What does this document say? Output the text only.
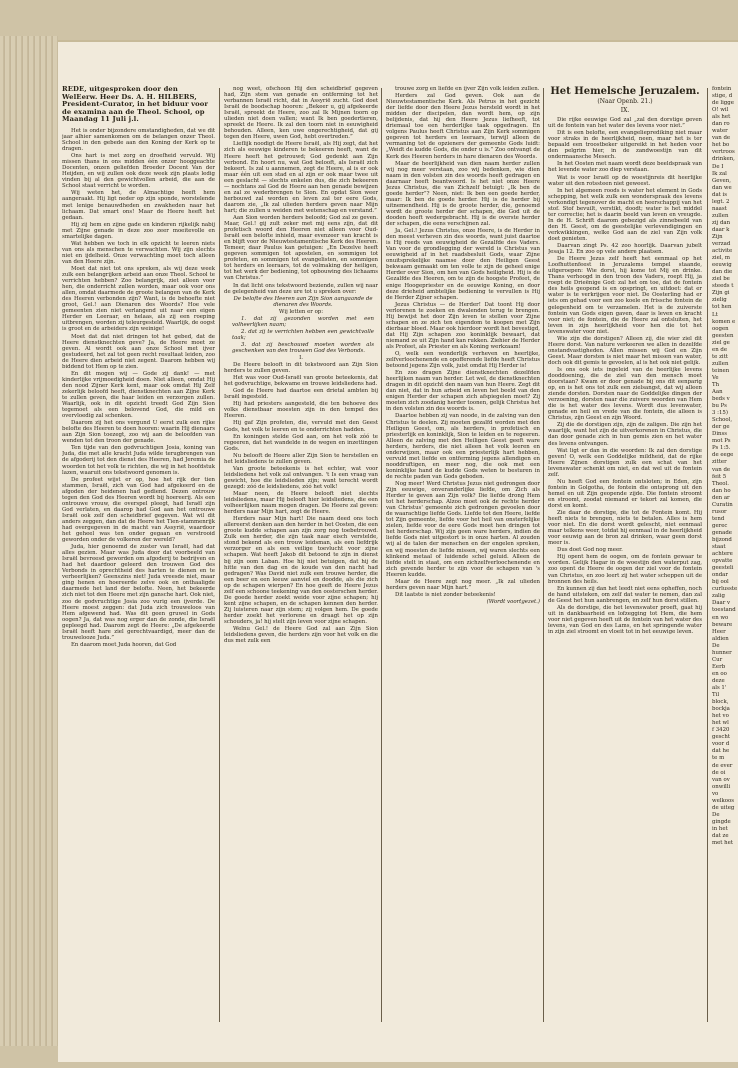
REDE, uitgesproken door den WelEerw. Heer Ds. A. H. HILBERS, President-Curator, in het biduur voor de examina aan de Theol. School, op Maandag 11 Juli j.l.

Het is onder bijzondere omstandigheden, dat we dit jaar alhier samenkomen om de belangen onzer Theol. School in den gebede aan den Koning der Kerk op te dragen.

Ons hart is met zorg en droefheid vervuld. Wij missen thans in ons midden één onzer hooggeachte Docenten, onzen geliefden Broeder Docent Van der Heijden, en wij zullen ook deze week zijn plaats ledig vinden bij al den gewichtvollen arbeid, die aan de School staat verricht te worden.

Wij weten het, de Almachtige heeft hem aangeraakt. Hij ligt neder op zijn sponde, worstelende met lenige benauwdheden en zwakheden naar het lichaam. Dat smart ons! Maar de Heere heeft het gedaan.

Hij zij hem en zijne gade en kinderen rijkelijk nabij met Zijne genade in deze zoo zeer moeitevolle en smartelijke dagen.

Wat hebben we toch in elk opzicht te leeren niets van ons als menschen te verwachten. Wij zijn slechts niet en ijdelheid. Onze verwachting moet toch alleen van den Heere zijn.

Moet dat niet tot ons spreken, als wij deze week zulk een belangrijken arbeid aan onze Theol. School te verrichten hebben? Zoo belangrijk, ziet alleen voor hen, die onderricht zullen worden, maar ook voor ons allen, omdat daarmede de groote belangen van de Kerk des Heeren verbonden zijn? Want, is de behoefte niet groot, Gel.! aan Dienaren des Woords? Hoe vele gemeenten zien niet verlangend uit naar een eigen Herder en Leeraar, en helaas, als zij een roeping uitbrengen, worden zij teleurgesteld. Waarlijk, de oogst is groot en de arbeiders zijn weinige!

Moet dat dat niet dringen tot het gebed, dat de Heere dienstknechten geve? Ja, de Heere moet ze geven. Al wordt ook aan onze School met ijver gestudeerd, het zal tot geen recht resultaat leiden, zoo de Heere dien arbeid niet zegent. Daarom hebben wij biddend tot Hem op te zien.

En dit mogen wij — Gode zij dank! — met kinderlijke vrijmoedigheid doen. Niet alleen, omdat Hij den nood Zijner Kerk kent, maar ook omdat Hij Zelf zekerlijk beloofd heeft, dienstknechten aan Zijne Kerk te zullen geven, die haar leiden en verzorgen zullen. Waarlijk, ook in dit opzicht treedt God Zijn Sion tegemoet als een belovend God, die mild en overvloedig zal schenken.

Daarom zij het ons vergund U eerst zulk een rijke belofte des Heeren te doen hooren: waarin Hij dienaars aan Zijn Sion toezegt, zoo wij aan de beloofden van wenden tot den troon der genade.

Ten tijde van den godvruchtigen Josia, koning van Juda, die met alle kracht Juda wilde terugbrengen van de afgoderij tot den dienst des Heeren, had Jeremia de woorden tot het volk te richten, die wij in het hoofdstuk lazen, waaruit ons tekstwoord genomen is.

De profeet wijst er op, hoe het rijk der tien stammen, Israël, zich van God had afgekeerd en de afgoden der heidenen had gediend. Dezen ontrouw tegen den God des Heeren wordt bij hoereerij. Als een ontrouwe vrouw, die overspel pleegt, had Israël zijn God verlaten, en daarop had God aan het ontrouwe Israël ook zelf den scheidbrief gegeven. Wat wil dit anders zeggen, dan dat de Heere het Tien-stammenrijk had overgegeven in de macht van Assyrië, waardoor het geheel was ten onder gegaan en verstrooid geworden onder de volkeren der wereld?

Juda, hier genoemd de zuster van Israël, had dat alles gezien. Maar was Juda door dat voorbeeld van Israël bevreesd geworden om afgoderij te bedrijven en had het daardoor geleerd den trouwen God des Verbonds in oprechtheid des harten te dienen en te verheerlijken? Geenszins niet! Juda vreesde niet, maar ging henen en hoereerde zelve ook en onthaaligde daarmede het land der belofte. Neen, het bekeerde zich niet tot den Heere met zijn gansche hart. Ook niet, zoo de godvruchtige Josia zoo vurig een ijverde. De Heere moest zeggen: dat Juda zich trouweloos van Hem afgewend had. Was dit geen gruwel in Gods oogen? Ja, dat was nog erger dan de zonde, die Israël gepleegd had. Daarom zegt de Heere: „De afgekeerde Israël heeft hare ziel gerechtvaardigd, meer dan de trouwelooze Juda.”

En daarom moet Juda hooren, dat God

nog weet, ofschoon Hij den scheidbrief gegeven had, Zijn stem van genade en ontferming tot het verbannen Israël richt, dat in Assyrië zucht. God doet Israël de boodschap hooren: „Bekeer u, gij afgekeerde Israël, spreekt de Heere, zoo zal Ik Mijnen toorn op ulieden niet doen vallen; want Ik ben goedertieren, spreekt de Heere. Ik zal den toorn niet in eeuwigheid behouden. Alleen, ken uwe ongerechtigheid, dat gij tegen den Heere, uwen God, hebt overtreden.”

Lieflijk noodigt de Heere Israël, als Hij zegt, dat het zich als eeuwige kinderen te bekeeren heeft, want de Heere heeft het getrouwd; God gedenkt aan Zijn verbond. En hoort nu, wat God belooft, als Israël zich bekeert. Is zal u aannemen, zegt de Heere, al is er ook maar één uit een stad en al zijn er ook maar twee uit een geslacht — slechts enkelen dus, die zich bekeeren — nochtans zal God de Heere aan hen genade bewijzen en zal ze wederbrengen te Sion. En opdat Sion weer herbouwd zal worden en leven zal ter eere Gods, daarom zie, „Ik zal ulieden herders geven naar Mijn hart; die zullen u weiden met wetenschap en verstand.”

Aan Sion worden herders beloofd; God zal ze geven. Maar, Gel.! gij zult zeker met mij eens zijn, dat dit profetisch woord den Heeren niet alleen voor Oud-Israël een belofte inhield, maar evenzeer van kracht is en blijft voor de Nieuwtestamentische Kerk des Heeren. Temeer, daar Paulus kan getuigen: „En Dezelve heeft gegeven sommigen tot apostelen, en sommigen tot profeten, en sommigen tot evangelisten, en sommigen tot herders en leeraars, tot de volmaking der heiligen, tot het werk der bediening, tot opbouwing des lichaams van Christus.”

In dat licht ons tekstwoord beziende, zullen wij naar de gelegenheid van deze ure tot u spreken over:

De belofte des Heeren aan Zijn Sion aangaande de dienaren des Woords.

Wij letten er op:

1. dat zij gezonden worden met een volheerlijken naam;

2. dat zij te verrichten hebben een gewichtvolle taak;

3. dat zij beschouwd moeten worden als geschenken van den trouwen God des Verbonds.

I.

De Heere belooft in dit tekstwoord aan Zijn Sion herders te zullen geven.

Het was voor Oud-Israël van groote beteekenis, dat het godvruchtige, bekwame en trouwe leidsliedens had.

God de Heere had daartoe een drietal ambten bij Israël ingesteld.

Hij had priesters aangesteld, die ten behoeve des volks dienstbaar moesten zijn in den tempel des Heeren.

Hij gaf Zijn profeten, die, vervuld met den Geest Gods, het volk te leeren en te onderrichten hadden.

En koningen stelde God aan, om het volk zóó te regeeren, dat het wandelde in de wegen en inzettingen Gods.

Nu belooft de Heere aller Zijn Sion te herstellen en het leidsliedens te zullen geven.

Van groote beteekenis is het echter, wat voor leidsliedens het volk zal ontvangen. 't Is een vraag van gewicht, hoe die leidslieden zijn; want terecht wordt gezegd: zóó de leidsliedens, zóó het volk!

Maar neen, de Heere belooft niet slechts leidsliedens, maar Hij belooft hier leidsliedens, die een volheerlijken naam mogen dragen. De Heere zal geven: herders naar Mijn hart, zegt de Heere.

Herders naar Mijn hart! Die naam deed ons toch allereerst denken aan den herder in het Oosten, die een groote kudde schapen aan zijn zorg nog toebetrouwd. Zulk een herder, die zijn taak naar eisch verstelde, stond bekend als een trouw leidsman, als een liefdrijk verzorger en als een veilige toevlucht voor zijne schapen. Wat heeft Jakob dit betoond te zijn in dienst bij zijn oom Laban. Hoe hij niet betuigen, dat hij de hitte van den dag en de koude van den nacht had gedragen? Was David niet zulk een trouwe herder, die een beer en een leeuw aanviel en doodde, als die zich op de schapen wierpen? En hoe geeft de Heere Jezus zelf een schoone teekening van den oosterschen herder. De goede herder zoekt weide voor zijne schapen; hij kent zijne schapen, en de schapen kennen den herder. Zij luisteren naar zijn stem; zij volgen hem. De goede herder zoekt het verlorene en draagt het op zijn schouders, ja! hij stelt zijn leven voor zijne schapen.

Welnu Gel.! de Heere God zal aan Zijn Sion leidsliedens geven, die herders zijn voor het volk en die dus met zulk een

trouwe zorg en liefde en ijver Zijn volk leiden zullen.

Herders zal God geven. Ook aan de Nieuwtestamentische Kerk. Als Petrus in het gezicht der liefde door den Heere Jezus hersteld wordt in het midden der discipelen, dan wordt hem, op zijn belijdenis, dat hij den Heere Jezus liefheeft, tot driemaal toe een herderlijke taak opgedragen. En volgens Paulus heeft Christus aan Zijn Kerk sommigen gegeven tot herders en leeraars, terwijl alleen de vermaning tot de opzieners der gemeente Gods luidt: „Weidt de kudde Gods, die onder u is.” Zoo ontvangt de Kerk des Heeren herders in hare dienaren des Woords.

Maar de heerlijkheid van dien naam herder zullen wij nog meer verstaan, zoo wij bedenken, wie dien naam in den volsten zin des woords heeft gedragen en daarnaar heeft beantwoord. Is het niet onze Heere Jezus Christus, die van Zichzelf betuigt: „Ik ben de goede herder”? Neen, niet: Ik ben een goede herder, maar: Ik ben de goede herder. Hij is de herder bij uitnemendheid. Hij is de groote herder, die, genoemd wordt de groote herder der schapen, die God uit de dooden heeft wedergebracht. Hij is de overste herder der schapen, die eens verschijnen zal.

Ja, Gel.! Jezus Christus, onze Heere, is de Herder in den meest verheven zin des woords, want juist daartoe is Hij reeds van eeuwigheid de Gezalfde des Vaders. Van voor de grondlegging der wereld is Christus van eeuwigheid af in het raadsbesluit Gods, waar Zijne onuitsprekelijke naamse door den Heiligen Geest bekwaam gemaakt om ten volle te zijn de geheel enige Herder over Sion, om hen van Gods heiligheid. Hij is de Gezalfde des Heeren, om te zijn de hoogste Profeet, de enige Hoogepriester en de eeuwige Koning, en door deze drieheid ambtelijke bediening te vervullen is Hij de Herder Zijner schapen.

Jezus Christus — de Herder! Dat toont Hij door verlorenen te zoeken en dwalenden terug te brengen. Hij bewijst het door Zijn leven te stellen voor Zijne schapen en ze zich ten eigendom te koopen met Zijn dierbaar bloed. Maar ook hierdoor wordt het bevestigd, dat Hij Zijn schapen zoo koninklijk bewaart, dat niemand ze uit Zijn hand kan rukken. Ziehier de Herder als Profeet, als Priester en als Koning werkzaam!

O, welk een wonderlijk verheven en heerlijke, zelfverloochenende en opofferende liefde heeft Christus betoond jegens Zijn volk, juist omdat Hij Herder is!

En zoo dragen Zijne dienstknechten dezelfden heerlijken naam van herder. Let wel, de dienstknechten dragen in dit opzicht den naam van hun Heere. Zegt dit dan niet, dat in hun arbeid en leven het beeld van den enigen Herder der schapen zich afspiegelen moet? Zij moeten zich zoodanig herder toonen, gelijk Christus het in den volsten zin des woords is.

Daartoe hebben zij van noode, in de zalving van den Christus te deelen. Zij moeten gezalfd worden met den Heiligen Geest, om, als herders, in profetisch en priesterlijk en koninklijk, Sion te leiden en te regeeren. Alleen de zalving met den Heiligen Geest geeft ware herders, herders, die niet alleen het volk leeren en onderwijzen, maar ook een priesterlijk hart hebben, vervuld met liefde en ontferming jegens allendigen en nooddruftigen, en meer nog, die ook met een koninklijke hand de kudde Gods weten te besturen in de rechte paden van Gods geboden.

Nog meer! Werd Christus Jezus niet gedrongen door Zijn eeuwige, onveranderlijke liefde, om Zich als Herder te geven aan Zijn volk? Die liefde drong Hem tot het herderschap. Alzoo moet ook de rechte herder van Christus' gemeente zich gedrongen gevoelen door de waarachtige liefde Gods. Liefde tot den Heere, liefde tot Zijn gemeente, liefde voor het heil van onsterfelijke zielen, liefde voor de eere Gods moet hen dringen tot het herderschap. Wij zijn geen ware herders, indien de liefde Gods niet uitgestort is in onze harten. Al zouden wij al de talen der menschen en der engelen spreken, en wij moesten de liefde missen, wij waren slechts een klinkend metaal of luidende schel geluid. Alleen de liefde stelt in staat, om een zichzelfverloochenende en zich gevende herder te zijn voor de schapen van 's Heeren kudde.

Maar de Heere zegt nog meer. „Ik zal ulieden herders geven naar Mijn hart.”

Dit laatste is niet zonder beteekenis!

(Wordt voortgezet.)

Het Hemelsche Jeruzalem.
(Naar Openb. 21.)
IX.

Die rijke eeuwige God zal „zal den dorstige geven uit de fontein van het water des levens voor niet.”

Dit is een belofte, een evangelieprediking niet maar voor straks in de heerlijkheid, neen, maar het is ter bepaald een troostbeker uitgereikt in het heden voor den pelgrim hier, in de zandwoestijn van dit ondermaansche Mesech.

In het Oosten met naam wordt deze beeldspraak van het levende water zoo diep verstaan.

Wat is voor Israël op de woestijnreis dit heerlijke water uit den rotssteen niet geweest.

In het algemeen roods is water het element in Gods schepping, het welk zulk een wonderspraak des levens verkondigt tegenover de macht en heerschappij van het stof. Stof bevuilt, verstikt, doodt; water is het middel ter correctie; het is daarin beeld van leven en vreugde. In de H. Schrift daarom gebezigd als zinnebeeld van den H. Geest, om de geestelijke verlevendigingen en verkwikkingen, welke God aan de ziel van Zijn volk doet genieten.

Daarvan zingt Ps. 42 zoo hoorlijk. Daarvan jubelt Jesaja 12. En zoo op vele andere plaatsen.

De Heere Jezus zelf heeft het eenmaal op het Loofhuttenfeest in Jeruzalems tempel staande, uitgeroepen: Wie dorst, hij kome tot Mij en drinke. Thans verhoogd in den troon des Vaders, roept Hij, ja roept de Drieënige God: zal het om toe, dat de fontein des heils geopend is en opspringt, en uitdoet: dat er water is te verkrijgen voor niet. De Oosterling had er iets om gehad voor een zoo koele en frissche fontein de gelegenheid om te verzamelen. Het is de zuiverste fontein van Gods eigen gaven, daar is leven en kracht voor niet; de fontein, die de Heere zal ontsluiten, het leven in zijn heerlijkheid voor hen die tot het levenswater voor niet.

Wie zijn die dorstigen? Alleen zij, die wier ziel dit Heere dorst. Van nature verkeeren we allen in dezelfde onstandvastigheden. Allen missen wij God en Zijn Geest. Maar dorsten is niet maar het missen van water, doch ook dit gemis te gevoelen, al is het ook niet gelijk.

Is ons ook iets ingeleid van de heerlijke levens dooddoening, die de ziel van den mensch moet doorstaan? Kwam er door genade bij ons dit eenparig op, en is het ons tot zulk een zielsangst, dat wij alleen ziende dorsten. Dorsten naar de Goddelijke dingen der verzoening, dorsten naar die zuivere woorden van Hem die is het water des levens. Wordt dus levenwater, genade en heil en vrede van die fontein, die alleen is Christus, zijn Geest en zijn Woord.

Zij die de dorstigen zijn, zijn de zaligen. Die zijn het waarlijk, want het zijn de uitverkorenen in Christus, die dan door genade zich in hun gemis zien en het water des levens ontvangen.

Wat ligt er dan in die woorden: Ik zal den dorstige geven! O, welk een Goddelijke mildheid, dat de rijke Heere Zijnen dorstigen zulk een schat van het levenswater schenkt om niet, en dat wel uit de fontein zelf.

Nu heeft God een fontein ontsloten; in Eden, zijn fontein in Golgotha, de fontein die ontsprong uit den hemel en uit Zijn geopende zijde. Die fontein stroomt en stroomt, zoodat niemand er tekort zal komen, die dorst en komt.

Zie daar de dorstige, die tot de Fontein komt. Hij heeft niets te brengen, niets te betalen. Alles is hem voor niet. En die dorst wordt gelescht, niet eenmaal maar telkens weer, totdat hij eenmaal in de heerlijkheid voor eeuwig aan de bron zal drinken, waar geen dorst meer is.

Dus doet God nog meer.

Hij opent hem de oogen, om de fontein gewaar te worden. Gelijk Hagar in de woestijn den waterput zag, zoo opent de Heere de oogen der ziel voor de fontein van Christus, en zoo leert zij het water scheppen uit de bronnen des heils.

En kunnen zij dan het leedt niet eens opheffen, noch de hand uitsteken, om zelf dat water te nemen, dan zal de Geest het hun aanbrengen, en zelf hun dorst stillen.

Als de dorstige, die het levenswater proeft, gaat hij uit in dankbaarheid en lofzegging tot Hem, die hem voor niet gegeven heeft uit de fontein van het water des levens, van God en des Lams, en het springende water in zijn ziel stroomt en vloeit tot in het eeuwige leven.

fontein

stige, d

de ligge

O! wil

als het

dan ro

water

van de

het bo

vertroos

drinken,

De I

Ik zal

Geven,

dan we

dat is

legt. 2

naast

zullen

zij dan

daar k

Zijn

verzad

activite

ziel, m

eeuwig

dan die

ziel be

steeds t

Zijn gi

zielig

tot hen

Lt

komen e

oogen

geesten

ziel ge

en de

te zitt

zullen

teinen

Ve

Th

Aan

beds v

bu Ps

3 :15)

School,

der ge

Dinss

mot Ps

Ps 1:5.

de eege

zitter

van de

feit 5

Theol.

dan ho

den ar

Curatin

rusor

tend

gerec

genade

bijzond

staat

achtere

opvatte

geesteli

ondar

bij ool

curlusste

zalig

Daar v

toestand

en wo

beware

Heer

aldien

De

hunner

Cur

Eerb

en oo

deze

als 1'

Til

block,

bockja

het vo

het wl

f 3420

gescht

voor d

dat he

te m

de ever

de oi

van ov

onwilli

vo

welkoos

de uiteg

De

gingde

in het

dat ze

met het
